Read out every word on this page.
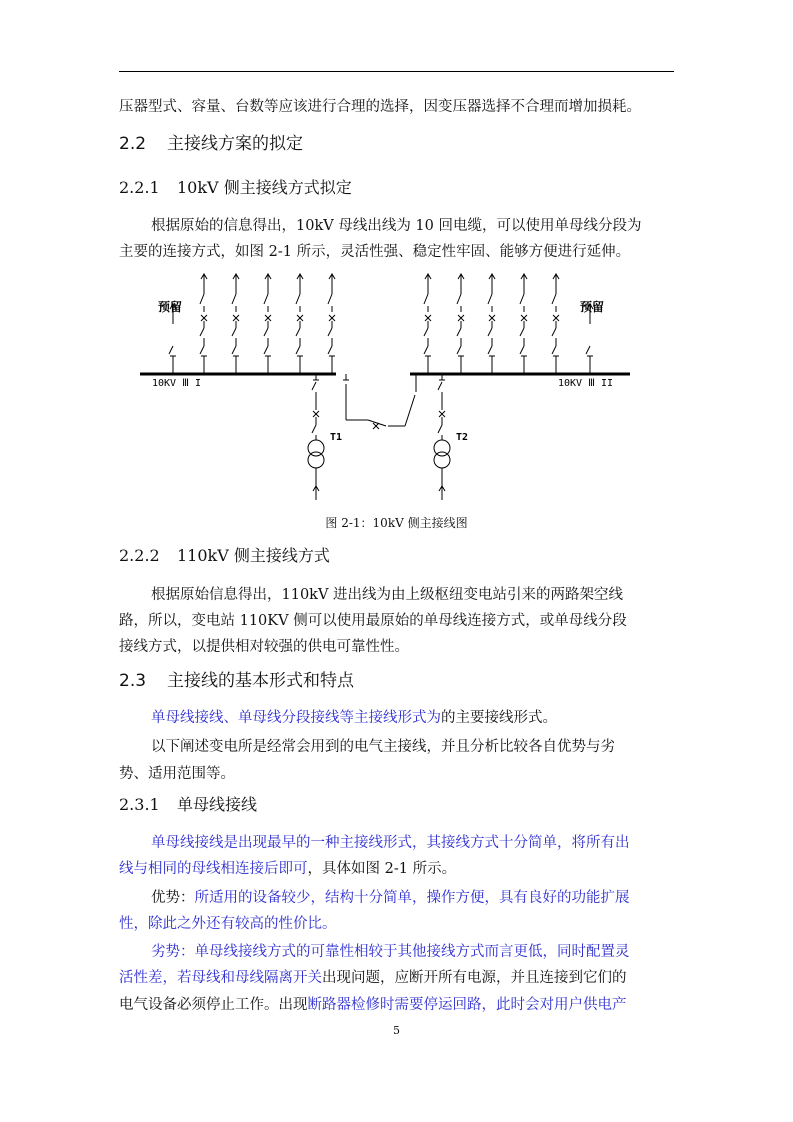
压器型式、容量、台数等应该进行合理的选择，因变压器选择不合理而增加损耗。
2.2 主接线方案的拟定
2.2.1 10kV 侧主接线方式拟定
根据原始的信息得出，10kV 母线出线为 10 回电缆，可以使用单母线分段为
主要的连接方式，如图 2-1 所示，灵活性强、稳定性牢固、能够方便进行延伸。
预留	预留
10KV Ⅲ I	10KV Ⅲ II
T1	T2
图 2-1：10kV 侧主接线图
2.2.2 110kV 侧主接线方式
根据原始信息得出，110kV 进出线为由上级枢纽变电站引来的两路架空线
路，所以，变电站 110KV 侧可以使用最原始的单母线连接方式，或单母线分段
接线方式，以提供相对较强的供电可靠性性。
2.3 主接线的基本形式和特点
单母线接线、单母线分段接线等主接线形式为的主要接线形式。
以下阐述变电所是经常会用到的电气主接线，并且分析比较各自优势与劣
势、适用范围等。
2.3.1 单母线接线
单母线接线是出现最早的一种主接线形式，其接线方式十分简单，将所有出
线与相同的母线相连接后即可，具体如图 2-1 所示。
优势：所适用的设备较少，结构十分简单，操作方便，具有良好的功能扩展
性，除此之外还有较高的性价比。
劣势：单母线接线方式的可靠性相较于其他接线方式而言更低，同时配置灵
活性差，若母线和母线隔离开关出现问题，应断开所有电源，并且连接到它们的
电气设备必须停止工作。出现断路器检修时需要停运回路，此时会对用户供电产
5
